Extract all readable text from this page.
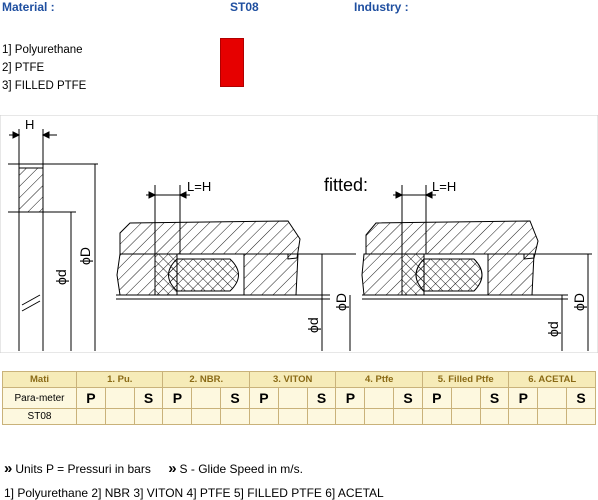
Material :	ST08	Industry :
1] Polyurethane
2] PTFE
3] FILLED PTFE
H
ϕd
ϕD
L=H	fitted:
ϕd
ϕD
L=H
ϕd
ϕD
Mati	1. Pu.			2. NBR.			3. VITON			4. Ptfe			5. Filled Ptfe			6. ACETAL		
Para-meter	P		S	P		S	P		S	P		S	P		S	P		S
ST08																		
» Units P = Pressuri in bars » S - Glide Speed in m/s.
1] Polyurethane 2] NBR 3] VITON 4] PTFE 5] FILLED PTFE 6] ACETAL
